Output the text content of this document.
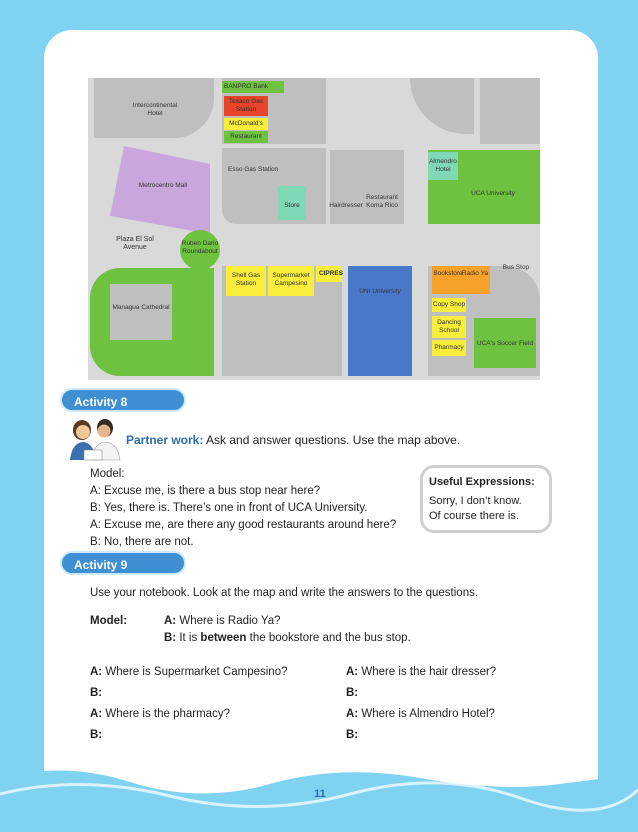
Intercontinental Hotel
BANPRO Bank
Texaco Gas Station
McDonald's
Restaurant
Esso Gas Station
Store	Hairdresser
Restaurant Koma Rico
Almendro Hotel
UCA University
Metrocentro Mall
Plaza El Sol Avenue
Ruben Dario Roundabout
Managua Cathedral
Shell Gas Station
Supermarket Campesino
CIPRES
UNI University
Bookstore Radio Ya
Bus Stop
Copy Shop
Dancing School
Pharmacy
UCA's Soccer Field
Activity 8
Partner work: Ask and answer questions. Use the map above.
Model:
A: Excuse me, is there a bus stop near here?
B: Yes, there is. There’s one in front of UCA University.
A: Excuse me, are there any good restaurants around here?
B: No, there are not.
Useful Expressions:
Sorry, I don’t know.
Of course there is.
Activity 9
Use your notebook. Look at the map and write the answers to the questions.
Model:	A: Where is Radio Ya?
B: It is between the bookstore and the bus stop.
A: Where is Supermarket Campesino?
B:
A: Where is the hair dresser?
B:
A: Where is the pharmacy?
B:
A: Where is Almendro Hotel?
B:
11
